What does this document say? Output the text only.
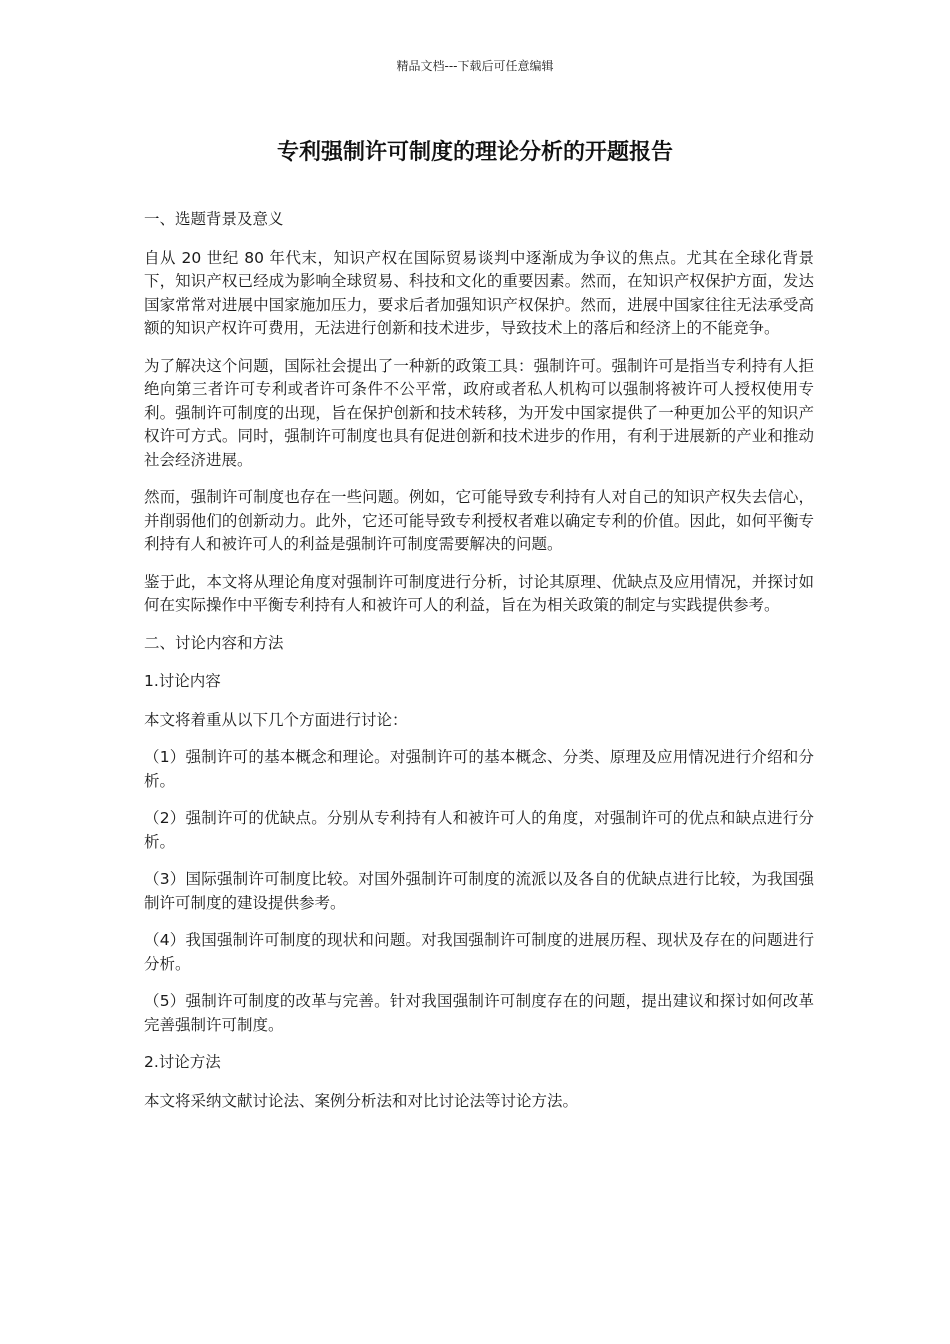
精品文档---下载后可任意编辑
专利强制许可制度的理论分析的开题报告

一、选题背景及意义

自从 20 世纪 80 年代末，知识产权在国际贸易谈判中逐渐成为争议的焦点。尤其在全球化背景下，知识产权已经成为影响全球贸易、科技和文化的重要因素。然而，在知识产权保护方面，发达国家常常对进展中国家施加压力，要求后者加强知识产权保护。然而，进展中国家往往无法承受高额的知识产权许可费用，无法进行创新和技术进步，导致技术上的落后和经济上的不能竞争。

为了解决这个问题，国际社会提出了一种新的政策工具：强制许可。强制许可是指当专利持有人拒绝向第三者许可专利或者许可条件不公平常，政府或者私人机构可以强制将被许可人授权使用专利。强制许可制度的出现，旨在保护创新和技术转移，为开发中国家提供了一种更加公平的知识产权许可方式。同时，强制许可制度也具有促进创新和技术进步的作用，有利于进展新的产业和推动社会经济进展。

然而，强制许可制度也存在一些问题。例如，它可能导致专利持有人对自己的知识产权失去信心，并削弱他们的创新动力。此外，它还可能导致专利授权者难以确定专利的价值。因此，如何平衡专利持有人和被许可人的利益是强制许可制度需要解决的问题。

鉴于此，本文将从理论角度对强制许可制度进行分析，讨论其原理、优缺点及应用情况，并探讨如何在实际操作中平衡专利持有人和被许可人的利益，旨在为相关政策的制定与实践提供参考。

二、讨论内容和方法

1.讨论内容

本文将着重从以下几个方面进行讨论：

（1）强制许可的基本概念和理论。对强制许可的基本概念、分类、原理及应用情况进行介绍和分析。

（2）强制许可的优缺点。分别从专利持有人和被许可人的角度，对强制许可的优点和缺点进行分析。

（3）国际强制许可制度比较。对国外强制许可制度的流派以及各自的优缺点进行比较，为我国强制许可制度的建设提供参考。

（4）我国强制许可制度的现状和问题。对我国强制许可制度的进展历程、现状及存在的问题进行分析。

（5）强制许可制度的改革与完善。针对我国强制许可制度存在的问题，提出建议和探讨如何改革完善强制许可制度。

2.讨论方法

本文将采纳文献讨论法、案例分析法和对比讨论法等讨论方法。
